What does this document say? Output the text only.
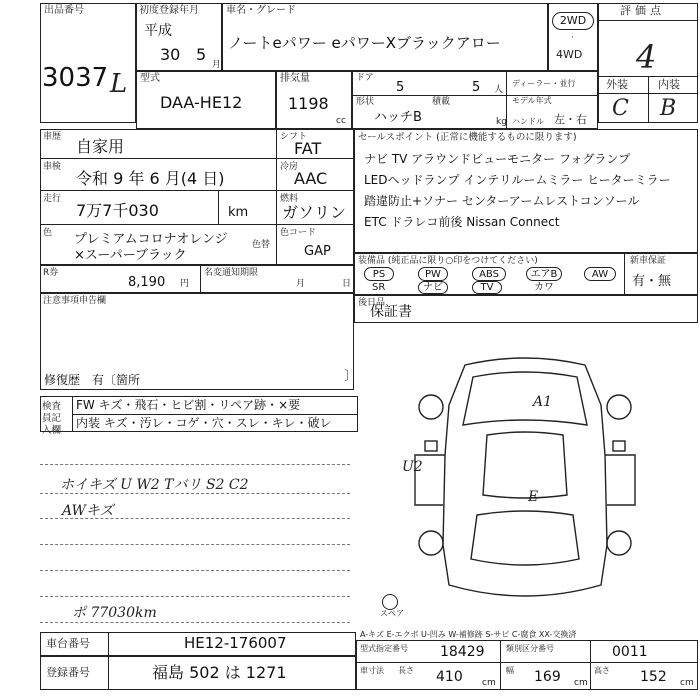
出品番号
3037 L
初度登録年月
平成
30 5
月
車名・グレード
ノートeパワー eパワーXブラックアロー
2WD
·
4WD
評価点
4
外装	内装
C B
型式
DAA-HE12
排気量
1198
cc
ドア
5	5 人
ディーラー・並行
形状
ハッチB
積載
kg
モデル年式
ハンドル 左・右
車歴 自家用	シフト
FAT
車検
令和 9 年 6 月(4 日)
冷房
AAC
走行
7万7千030	km
燃料
ガソリン
色 プレミアムコロナオレンジ
×スーパーブラック
色替
色コード
GAP
R券
8,190 円
名変通知期限
月	日
セールスポイント (正常に機能するものに限ります)
ナビ TV アラウンドビューモニター フォグランプ
LEDヘッドランプ インテリルームミラー ヒーターミラー
踏違防止+ソナー センターアームレストコンソール
ETC ドラレコ前後 Nissan Connect
装備品 (純正品に限り○印をつけてください)
PS	PW	ABS	エアB	AW
SR	ナビ	TV	カワ
新車保証
有・無
後日品
保証書
注意事項申告欄
修復歴 有〔箇所	〕
検査員記入欄
FW キズ・飛石・ヒビ割・リペア跡・×要
内装 キズ・汚レ・コゲ・穴・スレ・キレ・破レ
ホイキズ U W2 Tバリ S2 C2
AWキズ
ポ 77030km	スペア
A1
U2
E
A-キズ E-エクボ U-凹み W-補修跡 S-サビ C-腐食 XX-交換済
車台番号	HE12-176007
登録番号	福島 502 は 1271
型式指定番号 18429	類別区分番号	0011
車寸法 長さ 410 cm
幅 169 cm
高さ 152 cm
